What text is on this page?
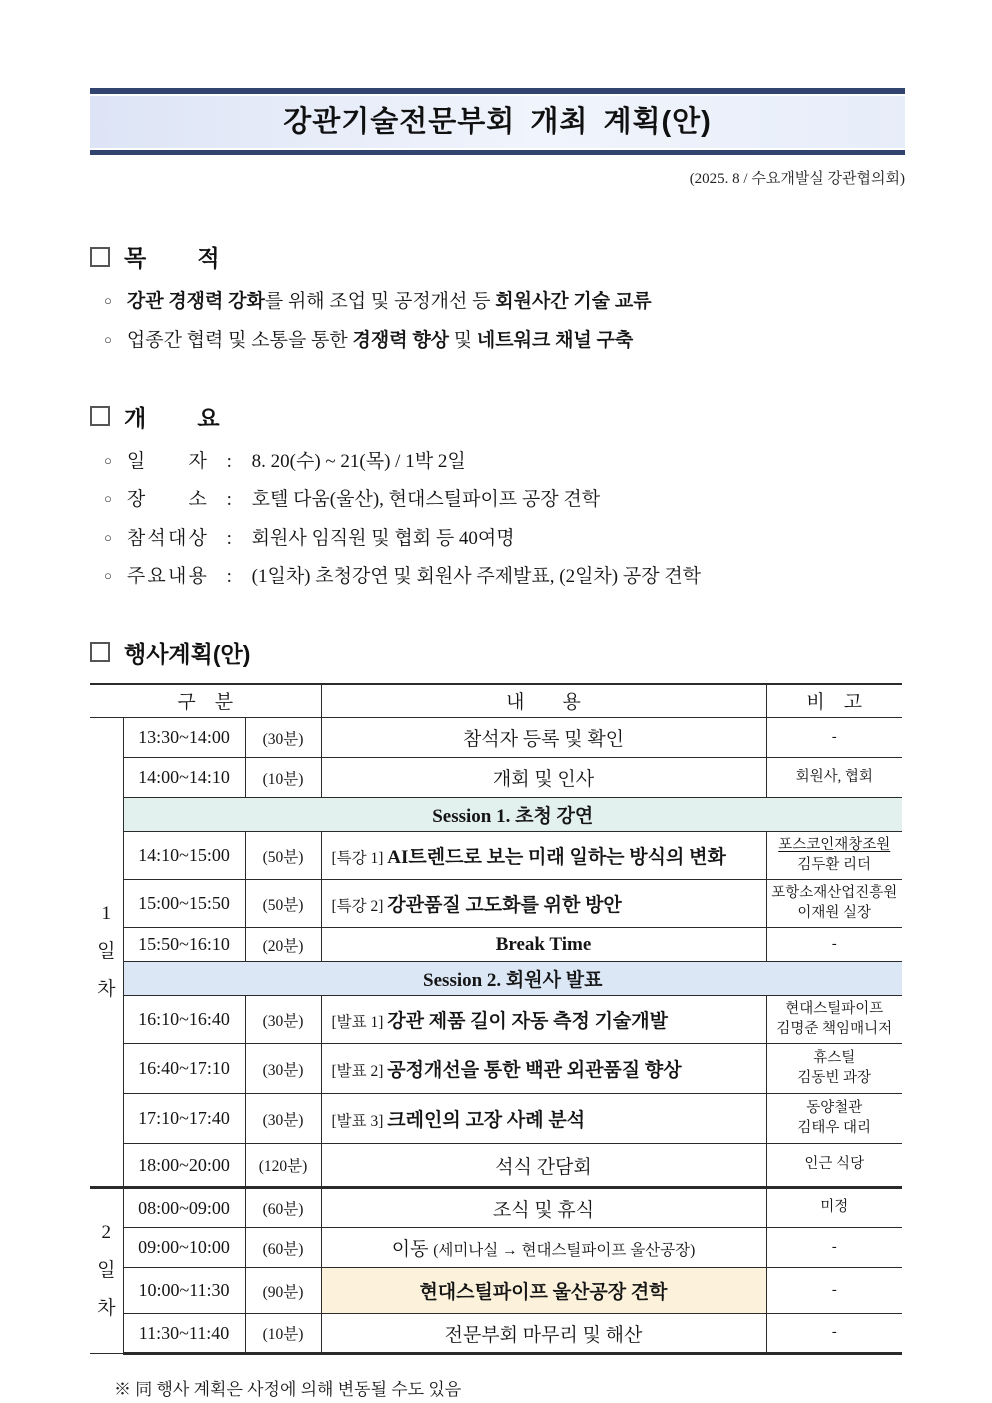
강관기술전문부회 개최 계획(안)
(2025. 8 / 수요개발실 강관협의회)
목        적
○ 강관 경쟁력 강화를 위해 조업 및 공정개선 등 회원사간 기술 교류
○ 업종간 협력 및 소통을 통한 경쟁력 향상 및 네트워크 채널 구축
개        요
○ 일 자 : 8. 20(수) ~ 21(목) / 1박 2일
○ 장 소 : 호텔 다움(울산), 현대스틸파이프 공장 견학
○ 참 석 대 상 : 회원사 임직원 및 협회 등 40여명
○ 주 요 내 용 : (1일차) 초청강연 및 회원사 주제발표, (2일차) 공장 견학
행사계획(안)
구    분			내        용	비    고

1
일
차	13:30~14:00	(30분)	참석자 등록 및 확인	-

	14:00~14:10	(10분)	개회 및 인사	회원사, 협회

	Session 1. 초청 강연			
	14:10~15:00	(50분)	[특강 1] AI트렌드로 보는 미래 일하는 방식의 변화	포스코인재창조원
김두환 리더

	15:00~15:50	(50분)	[특강 2] 강관품질 고도화를 위한 방안	포항소재산업진흥원
이재원 실장

	15:50~16:10	(20분)	Break Time	-

	Session 2. 회원사 발표			
	16:10~16:40	(30분)	[발표 1] 강관 제품 길이 자동 측정 기술개발	현대스틸파이프
김명준 책임매니저

	16:40~17:10	(30분)	[발표 2] 공정개선을 통한 백관 외관품질 향상	휴스틸
김동빈 과장

	17:10~17:40	(30분)	[발표 3] 크레인의 고장 사례 분석	동양철관
김태우 대리

	18:00~20:00	(120분)	석식 간담회	인근 식당

2
일
차	08:00~09:00	(60분)	조식 및 휴식	미정

	09:00~10:00	(60분)	이동 (세미나실 → 현대스틸파이프 울산공장)	-

	10:00~11:30	(90분)	현대스틸파이프 울산공장 견학	-

	11:30~11:40	(10분)	전문부회 마무리 및 해산	-
※ 同 행사 계획은 사정에 의해 변동될 수도 있음
